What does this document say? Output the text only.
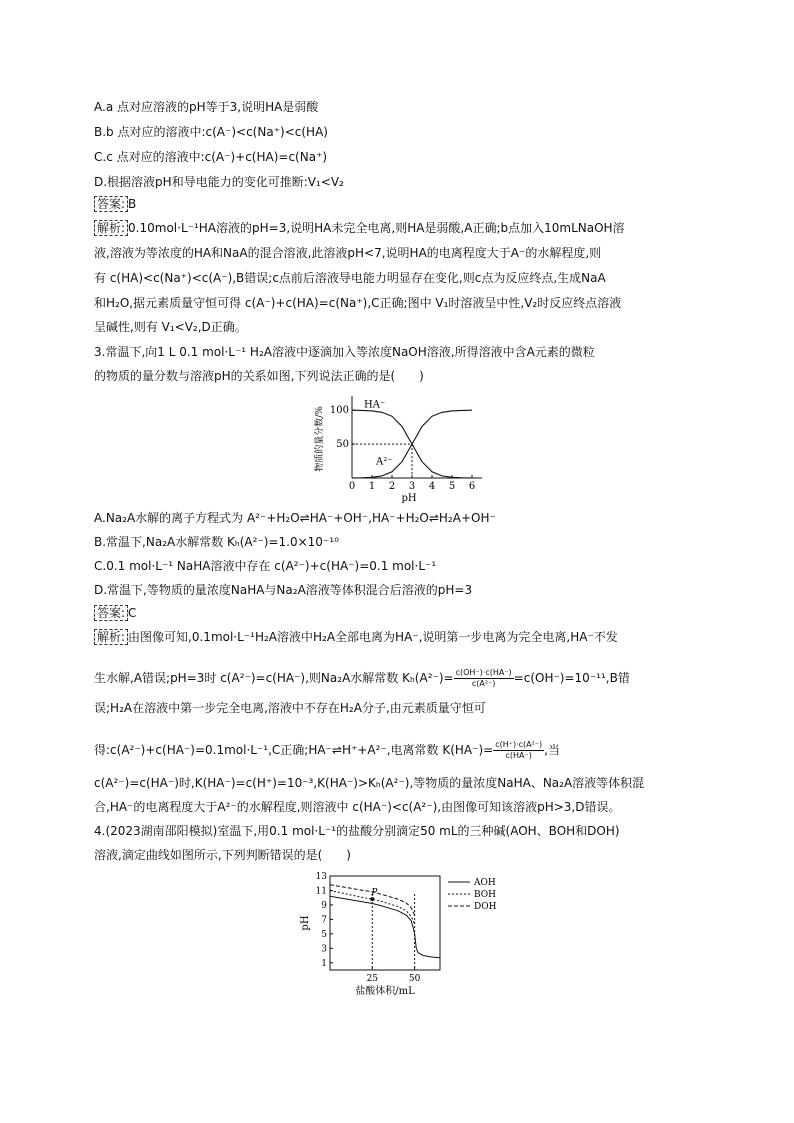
A.a 点对应溶液的pH等于3,说明HA是弱酸
B.b 点对应的溶液中:c(A⁻)<c(Na⁺)<c(HA)
C.c 点对应的溶液中:c(A⁻)+c(HA)=c(Na⁺)
D.根据溶液pH和导电能力的变化可推断:V₁<V₂
答案: B
解析: 0.10mol·L⁻¹HA溶液的pH=3,说明HA未完全电离,则HA是弱酸,A正确;b点加入10mLNaOH溶
液,溶液为等浓度的HA和NaA的混合溶液,此溶液pH<7,说明HA的电离程度大于A⁻的水解程度,则
有 c(HA)<c(Na⁺)<c(A⁻),B错误;c点前后溶液导电能力明显存在变化,则c点为反应终点,生成NaA
和H₂O,据元素质量守恒可得 c(A⁻)+c(HA)=c(Na⁺),C正确;图中 V₁时溶液呈中性,V₂时反应终点溶液
呈碱性,则有 V₁<V₂,D正确。
3.常温下,向1 L 0.1 mol·L⁻¹ H₂A溶液中逐滴加入等浓度NaOH溶液,所得溶液中含A元素的微粒
的物质的量分数与溶液pH的关系如图,下列说法正确的是(　　)
0 1 2 3 4 5 6
50
100
pH
物质的量分数/%
HA⁻
A²⁻
A.Na₂A水解的离子方程式为 A²⁻+H₂O⇌HA⁻+OH⁻,HA⁻+H₂O⇌H₂A+OH⁻
B.常温下,Na₂A水解常数 Kₕ(A²⁻)=1.0×10⁻¹⁰
C.0.1 mol·L⁻¹ NaHA溶液中存在 c(A²⁻)+c(HA⁻)=0.1 mol·L⁻¹
D.常温下,等物质的量浓度NaHA与Na₂A溶液等体积混合后溶液的pH=3
答案: C
解析: 由图像可知,0.1mol·L⁻¹H₂A溶液中H₂A全部电离为HA⁻,说明第一步电离为完全电离,HA⁻不发
生水解,A错误;pH=3时 c(A²⁻)=c(HA⁻),则Na₂A水解常数 $K_h(A^{2-})= \frac{c(OH^-)\cdot c(HA^-)}{\text{c(A²⁻)}} =c(OH^-)=10^{-11},B$错
误;H₂A在溶液中第一步完全电离,溶液中不存在H₂A分子,由元素质量守恒可
得:c(A²⁻)+c(HA⁻)=0.1mol·L⁻¹,C正确;HA⁻⇌H⁺+A²⁻,电离常数 $K(HA^-)= \frac{\text{c(H⁺)·c(A²⁻)}}{c(HA^-)}$ ,当
c(A²⁻)=c(HA⁻)时,K(HA⁻)=c(H⁺)=10⁻³,K(HA⁻)>Kₕ(A²⁻),等物质的量浓度NaHA、Na₂A溶液等体积混
合,HA⁻的电离程度大于A²⁻的水解程度,则溶液中 c(HA⁻)<c(A²⁻),由图像可知该溶液pH>3,D错误。
4.(2023湖南邵阳模拟)室温下,用0.1 mol·L⁻¹的盐酸分别滴定50 mL的三种碱(AOH、BOH和DOH)
溶液,滴定曲线如图所示,下列判断错误的是(　　)
1
3
5
7
9
11
13
25	50
盐酸体积/mL
pH
P
AOH
BOH
DOH
